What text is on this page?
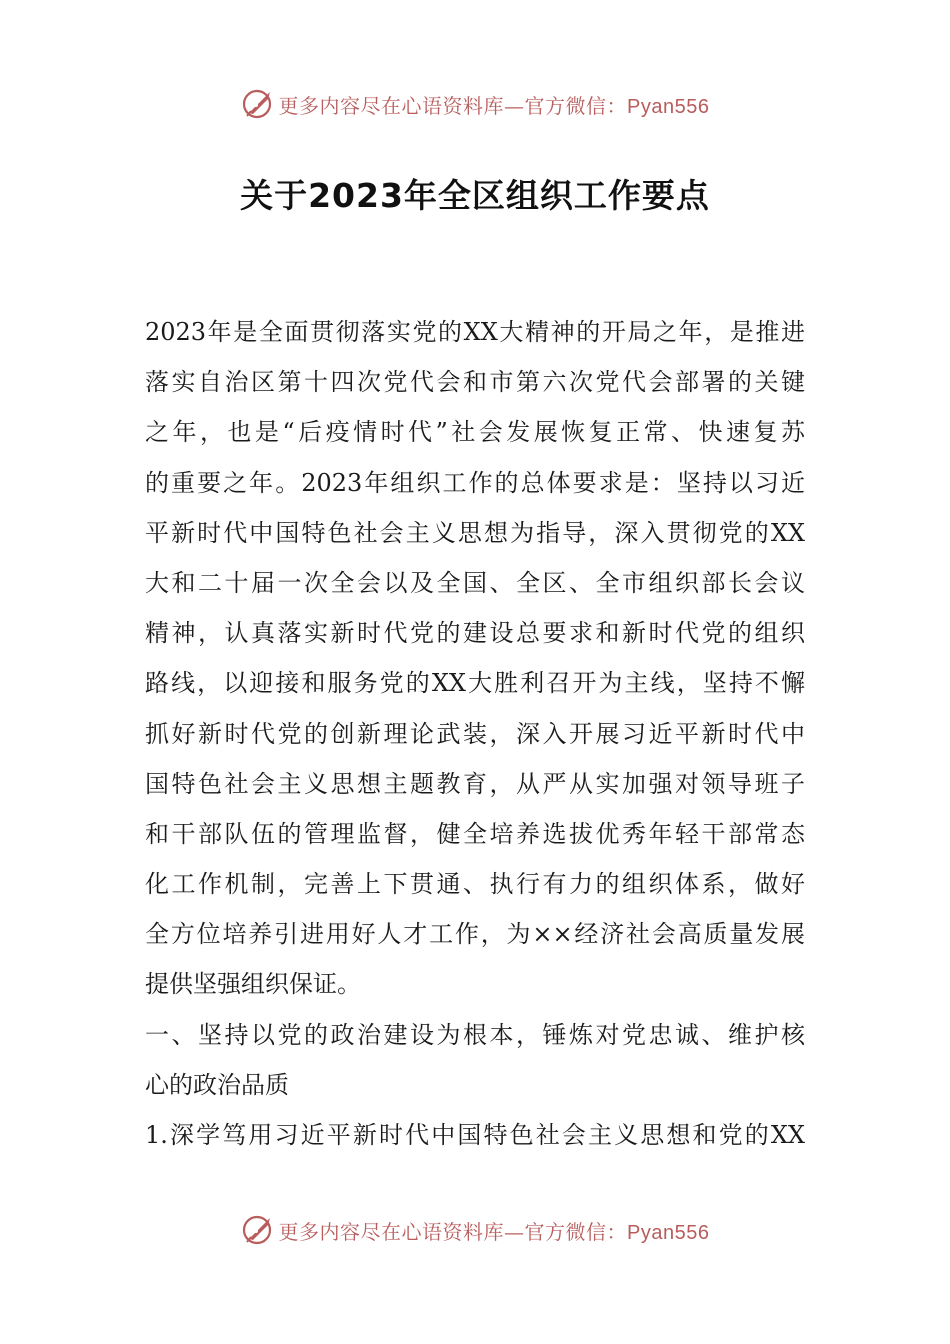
更多内容尽在心语资料库—官方微信：Pyan556
关于2023年全区组织工作要点
2023年是全面贯彻落实党的XX大精神的开局之年，是推进
落实自治区第十四次党代会和市第六次党代会部署的关键
之年，也是“后疫情时代”社会发展恢复正常、快速复苏
的重要之年。2023年组织工作的总体要求是：坚持以习近
平新时代中国特色社会主义思想为指导，深入贯彻党的XX
大和二十届一次全会以及全国、全区、全市组织部长会议
精神，认真落实新时代党的建设总要求和新时代党的组织
路线，以迎接和服务党的XX大胜利召开为主线，坚持不懈
抓好新时代党的创新理论武装，深入开展习近平新时代中
国特色社会主义思想主题教育，从严从实加强对领导班子
和干部队伍的管理监督，健全培养选拔优秀年轻干部常态
化工作机制，完善上下贯通、执行有力的组织体系，做好
全方位培养引进用好人才工作，为××经济社会高质量发展
提供坚强组织保证。
一、坚持以党的政治建设为根本，锤炼对党忠诚、维护核
心的政治品质
1.深学笃用习近平新时代中国特色社会主义思想和党的XX
更多内容尽在心语资料库—官方微信：Pyan556
